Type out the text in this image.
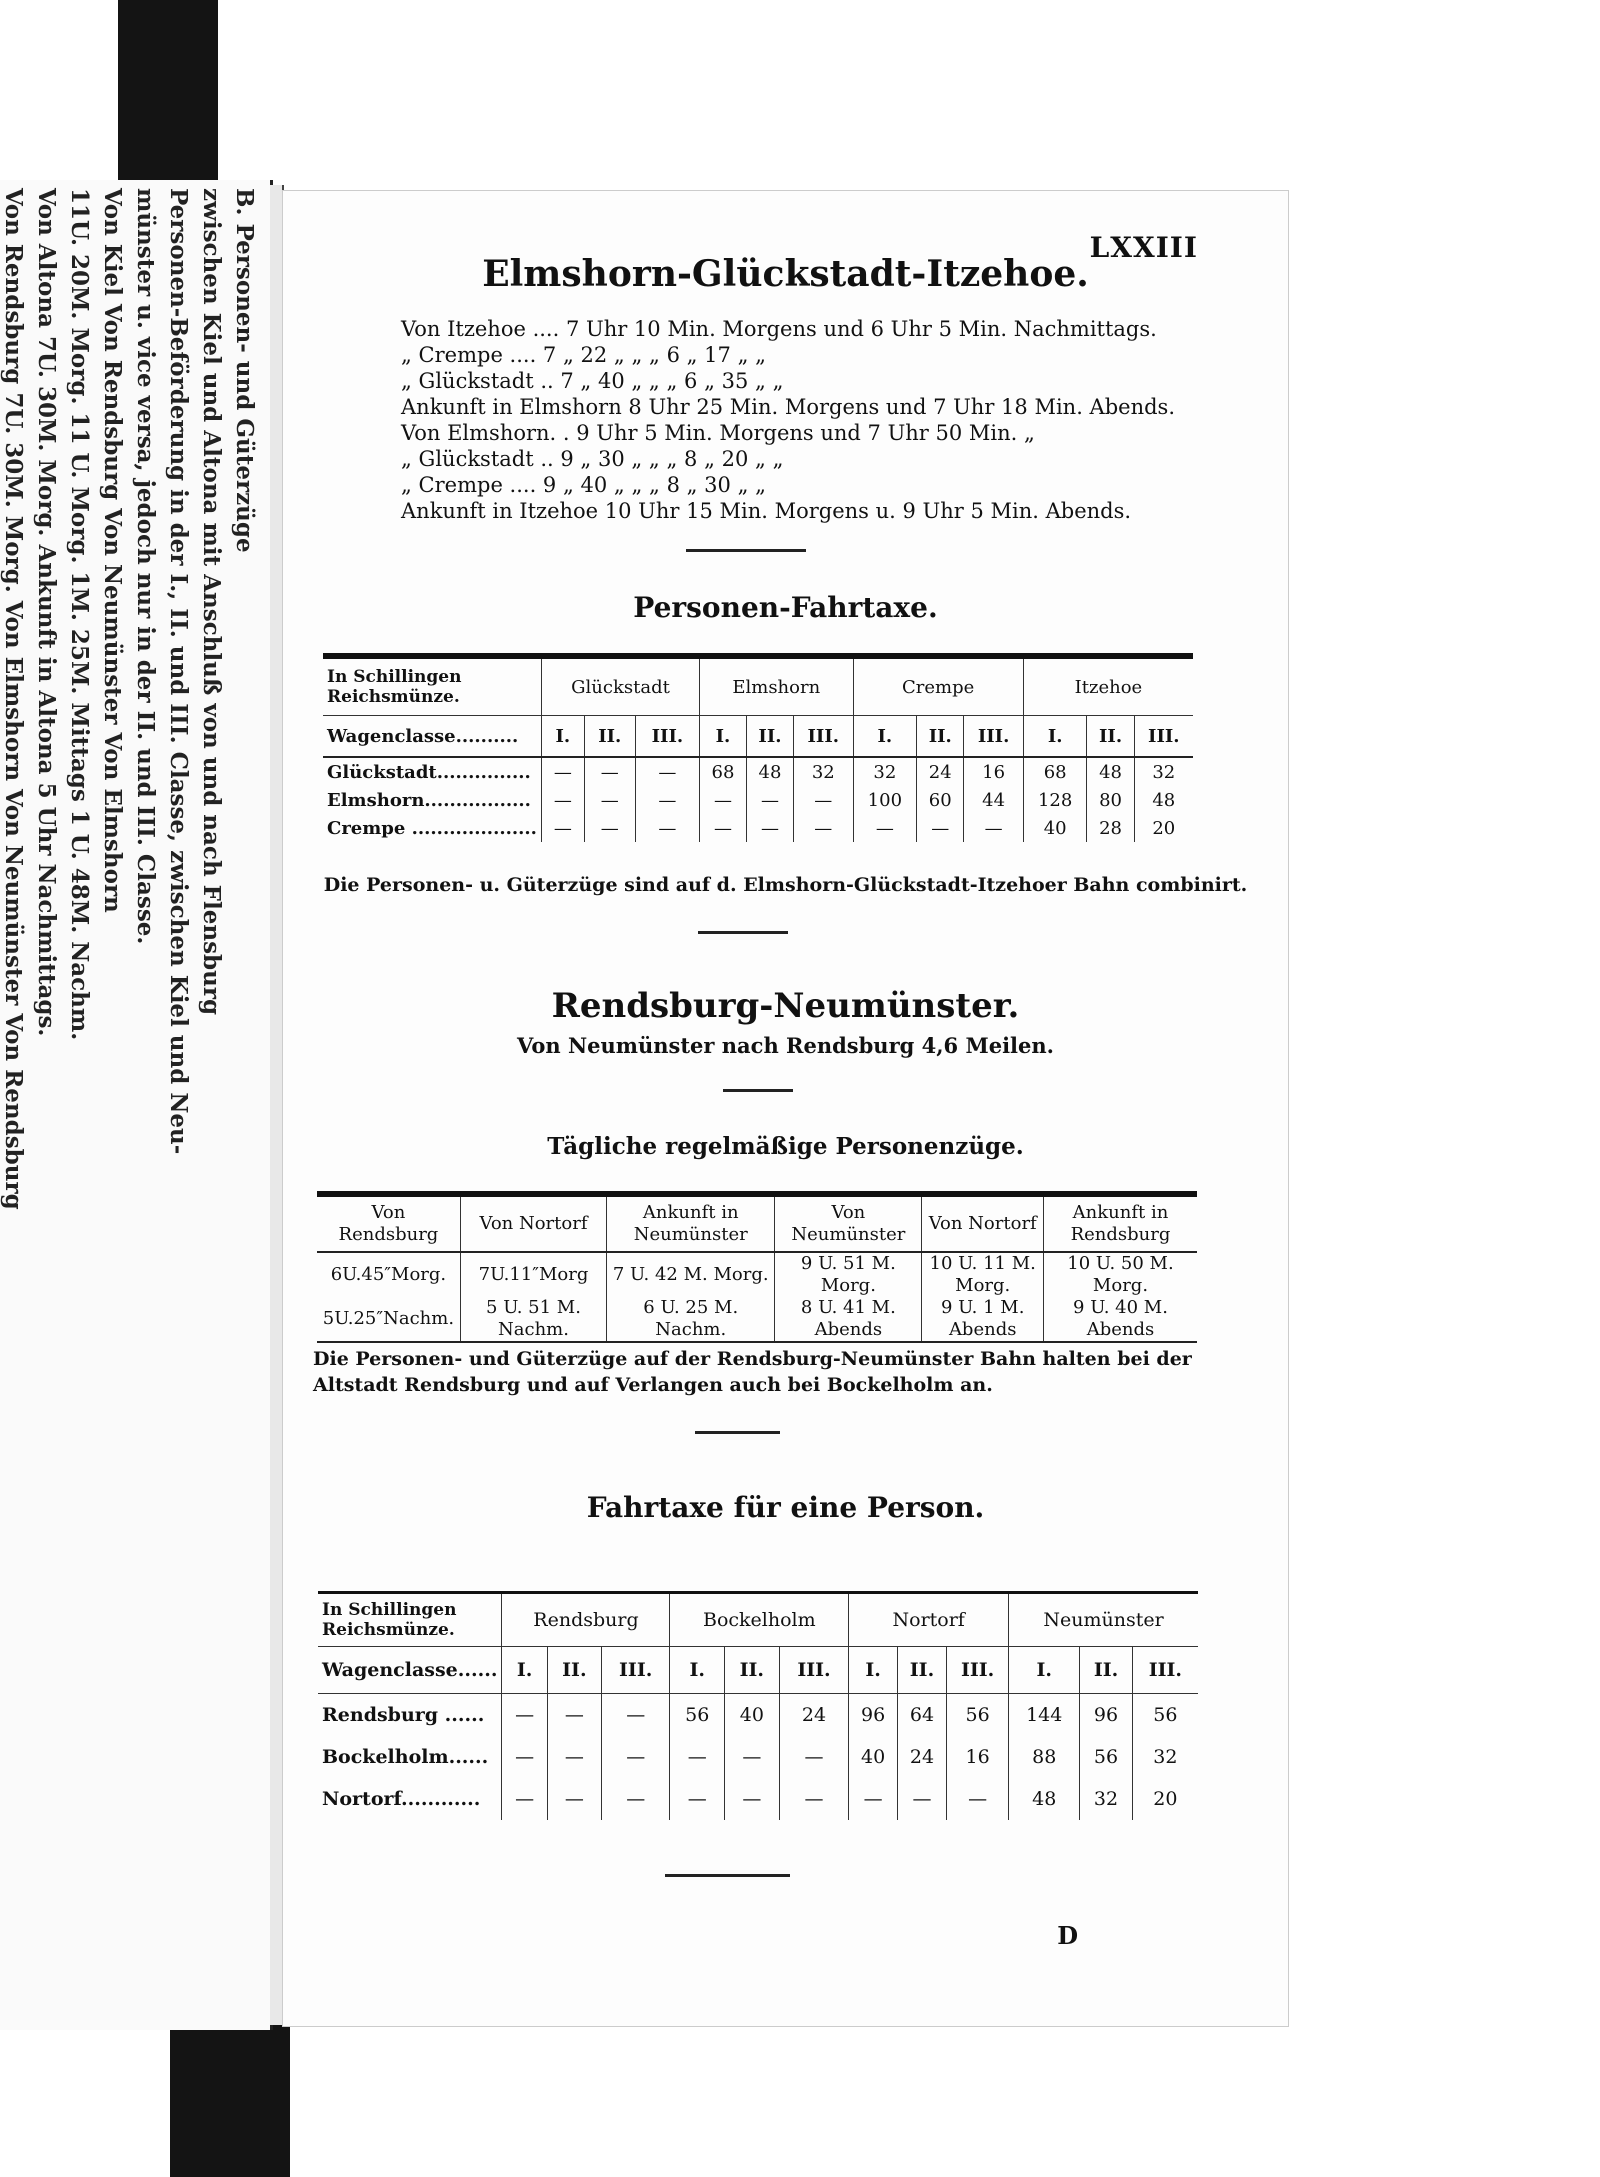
B. Personen- und Güterzüge
zwischen Kiel und Altona mit Anschluß von und nach Flensburg
Personen-Beförderung in der I., II. und III. Classe, zwischen Kiel und Neu-
münster u. vice versa, jedoch nur in der II. und III. Classe.
Von Kiel Von Rendsburg Von Neumünster Von Elmshorn
11U. 20M. Morg. 11 U. Morg. 1M. 25M. Mittags 1 U. 48M. Nachm.
Von Altona 7U. 30M. Morg. Ankunft in Altona 5 Uhr Nachmittags.
Von Rendsburg 7U. 30M. Morg. Von Elmshorn Von Neumünster Von Rendsburg	LXXIII
Elmshorn-Glückstadt-Itzehoe.
Von Itzehoe .... 7 Uhr 10 Min. Morgens und 6 Uhr 5 Min. Nachmittags.
„ Crempe .... 7 „ 22 „ „ „ 6 „ 17 „ „
„ Glückstadt .. 7 „ 40 „ „ „ 6 „ 35 „ „
Ankunft in Elmshorn 8 Uhr 25 Min. Morgens und 7 Uhr 18 Min. Abends.
Von Elmshorn. . 9 Uhr 5 Min. Morgens und 7 Uhr 50 Min. „
„ Glückstadt .. 9 „ 30 „ „ „ 8 „ 20 „ „
„ Crempe .... 9 „ 40 „ „ „ 8 „ 30 „ „
Ankunft in Itzehoe 10 Uhr 15 Min. Morgens u. 9 Uhr 5 Min. Abends.
Personen-Fahrtaxe.
In Schillingen Reichsmünze.	Glückstadt			Elmshorn			Crempe			Itzehoe		
Wagenclasse..........	I.	II.	III.	I.	II.	III.	I.	II.	III.	I.	II.	III.
Glückstadt...............	—	—	—	68	48	32	32	24	16	68	48	32
Elmshorn.................	—	—	—	—	—	—	100	60	44	128	80	48
Crempe ....................	—	—	—	—	—	—	—	—	—	40	28	20
Die Personen- u. Güterzüge sind auf d. Elmshorn-Glückstadt-Itzehoer Bahn combinirt.
Rendsburg-Neumünster.
Von Neumünster nach Rendsburg 4,6 Meilen.
Tägliche regelmäßige Personenzüge.
Von Rendsburg	Von Nortorf	Ankunft in Neumünster	Von Neumünster	Von Nortorf	Ankunft in Rendsburg
6U.45″Morg.	7U.11″Morg	7 U. 42 M. Morg.	9 U. 51 M. Morg.	10 U. 11 M. Morg.	10 U. 50 M. Morg.
5U.25″Nachm.	5 U. 51 M. Nachm.	6 U. 25 M. Nachm.	8 U. 41 M. Abends	9 U. 1 M. Abends	9 U. 40 M. Abends
Die Personen- und Güterzüge auf der Rendsburg-Neumünster Bahn halten bei der Altstadt Rendsburg und auf Verlangen auch bei Bockelholm an.
Fahrtaxe für eine Person.
In Schillingen Reichsmünze.	Rendsburg			Bockelholm			Nortorf			Neumünster		
Wagenclasse......	I.	II.	III.	I.	II.	III.	I.	II.	III.	I.	II.	III.
Rendsburg ......	—	—	—	56	40	24	96	64	56	144	96	56
Bockelholm......	—	—	—	—	—	—	40	24	16	88	56	32
Nortorf............	—	—	—	—	—	—	—	—	—	48	32	20
D
